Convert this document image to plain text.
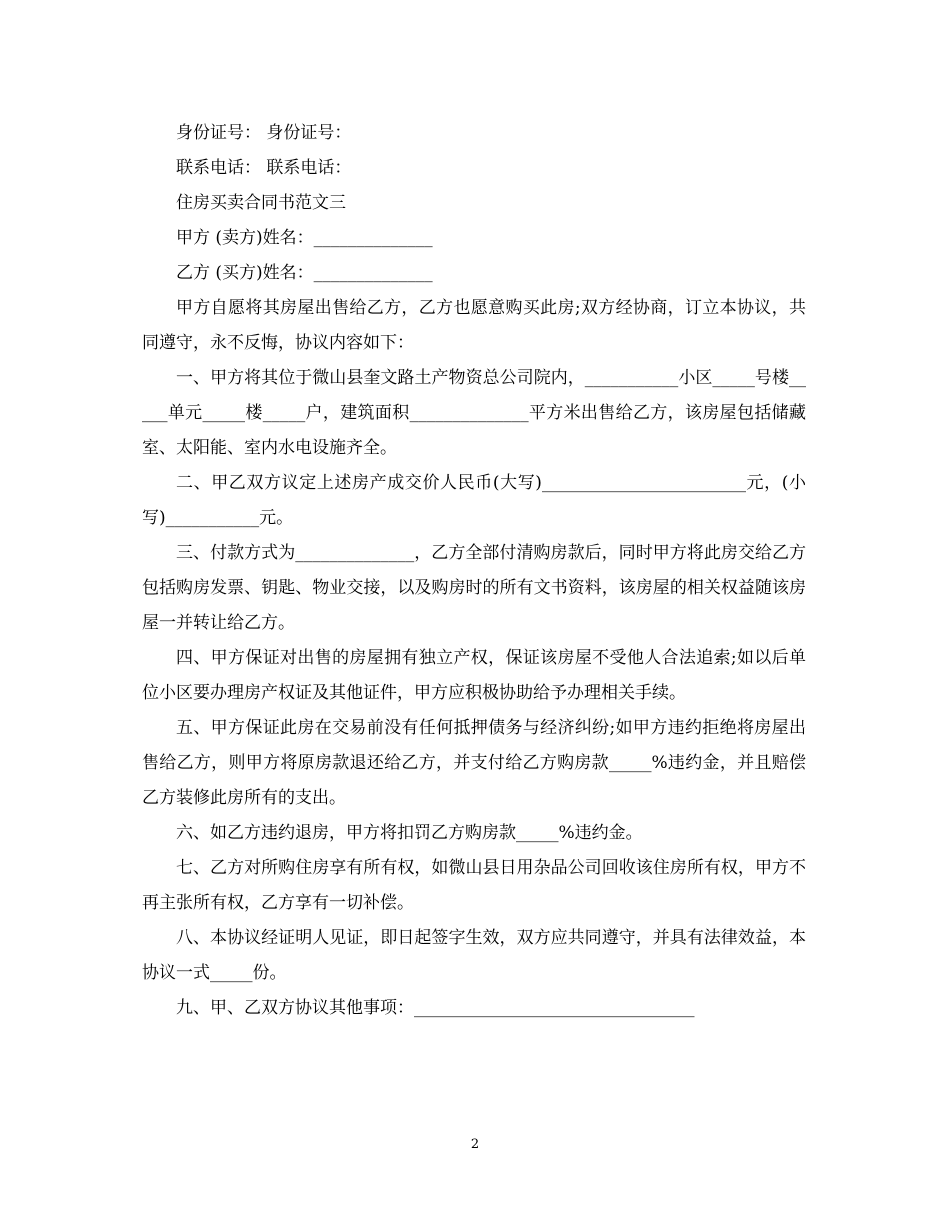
身份证号： 身份证号：

联系电话： 联系电话：

住房买卖合同书范文三

甲方 (卖方)姓名：______________

乙方 (买方)姓名：______________

甲方自愿将其房屋出售给乙方，乙方也愿意购买此房;双方经协商，订立本协议，共同遵守，永不反悔，协议内容如下：

一、甲方将其位于微山县奎文路土产物资总公司院内，___________小区_____号楼_____单元_____楼_____户，建筑面积______________平方米出售给乙方，该房屋包括储藏室、太阳能、室内水电设施齐全。

二、甲乙双方议定上述房产成交价人民币(大写)________________________元，(小写)___________元。

三、付款方式为______________，乙方全部付清购房款后，同时甲方将此房交给乙方包括购房发票、钥匙、物业交接，以及购房时的所有文书资料，该房屋的相关权益随该房屋一并转让给乙方。

四、甲方保证对出售的房屋拥有独立产权，保证该房屋不受他人合法追索;如以后单位小区要办理房产权证及其他证件，甲方应积极协助给予办理相关手续。

五、甲方保证此房在交易前没有任何抵押债务与经济纠纷;如甲方违约拒绝将房屋出售给乙方，则甲方将原房款退还给乙方，并支付给乙方购房款_____%违约金，并且赔偿乙方装修此房所有的支出。

六、如乙方违约退房，甲方将扣罚乙方购房款_____%违约金。

七、乙方对所购住房享有所有权，如微山县日用杂品公司回收该住房所有权，甲方不再主张所有权，乙方享有一切补偿。

八、本协议经证明人见证，即日起签字生效，双方应共同遵守，并具有法律效益，本协议一式_____份。

九、甲、乙双方协议其他事项：_________________________________

2
